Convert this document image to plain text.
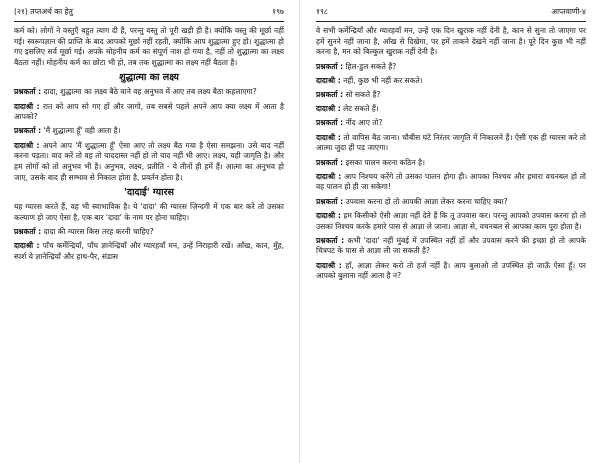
(२१) तप्तअर्थ का हेतु	१९७

कर्म को। लोगों ने वस्तुएँ बहुत त्याग दी हैं, परन्तु वस्तु तो पूरी खड़ी ही है। क्योंकि वस्तु की मूर्छा नहीं गई। स्वरूपज्ञान की प्राप्ति के बाद आपको मूर्छा नहीं रहती, क्योंकि आप शुद्धात्मा हुए हो। शुद्धात्मा हो गए इसलिए सर्व मूर्छा गई। अपके मोहनीय कर्म का संपूर्ण नाश हो गया है, नहीं तो शुद्धात्मा का लक्ष्य बैठता नहीं। मोहनीय कर्म का छोटा भी हो, तब तक शुद्धात्मा का लक्ष्य नहीं बैठता है।

शुद्धात्मा का लक्ष्य

प्रश्नकर्ता : दादा, शुद्धात्मा का लक्ष्य बैठे याने वह अनुभव में आए तब लक्ष्य बैठा कहलाएगा?

दादाश्री : रात को आप सो गए हों और जागो, तब सबसे पहले अपने आप क्या लक्ष्य में आता है आपको?

प्रश्नकर्ता : 'मैं शुद्धात्मा हूँ' वही आता है।

दादाश्री : अपने आप 'मैं शुद्धात्मा हूँ' ऐसा आए तो लक्ष्य बैठ गया है ऐसा समझना। उसे याद नहीं करना पड़ता। याद करें तो वह तो याददास्त नहीं हो तो याद नहीं भी आए। लक्ष्य, यही जागृति है। और हम लोगों को तो अनुभव भी है। अनुभव, लक्ष्य, प्रतीति - ये तीनों ही हमें हैं। आत्मा का अनुभव हो जाए, उसके बाद ही सम्भाव से निकाल होता है, प्रवर्तन होता है।

'दादाई' ग्यारस

यह ग्यारस करते हैं, वह भी स्वाभाविक है। ये 'दादा' की ग्यारस ज़िन्दगी में एक बार करे तो उसका कल्याण हो जाए ऐसा है, एक बार 'दादा' के नाम पर होना चाहिए।

प्रश्नकर्ता : दादा की ग्यारस किस तरह करनी चाहिए?

दादाश्री : पाँच कर्मेन्द्रियाँ, पाँच ज्ञानेन्द्रियाँ और ग्यारहवाँ मन, उन्हें निराहारी रखें। आँख, कान, मुँह, स्पर्श ये ज्ञानेन्द्रियाँ और हाथ-पैर, संडास

१९८	आप्तवाणी-४

वे सभी कर्मेन्द्रियाँ और ग्यारहवाँ मन, उन्हें एक दिन खुराक नहीं देनी है, कान से सुना तो जाएगा पर हमें सुनने नहीं जाना है, आँख से दिखेगा, पर हमें ताकने देखने नहीं जाना है। पूरे दिन कुछ भी नहीं करना है, मन को बिल्कुल खुराक नहीं देनी है।

प्रश्नकर्ता : हिल-डुल सकते हैं?

दादाश्री : नहीं, कुछ भी नहीं कर सकते।

प्रश्नकर्ता : सो सकते हैं?

दादाश्री : लेट सकते हैं।

प्रश्नकर्ता : नींद आए तो?

दादाश्री : तो वापिस बैठ जाना। चौबीस घंटे निरंतर जागृति में निकालने हैं। ऐसी एक ही ग्यारस करे तो आत्मा जुदा ही पड़ जाएगा।

प्रश्नकर्ता : इसका पालन करना कठिन है।

दादाश्री : आप निश्चय करेंगे तो उसका पालन होगा ही। आपका निश्चय और हमारा वचनबल हो तो वह पालन हो ही जा सकेगा!

प्रश्नकर्ता : उपवास करना हो तो आपकी आज्ञा लेकर करना चाहिए क्या?

दादाश्री : हम किसीको ऐसी आज्ञा नहीं देते हैं कि तू उपवास कर। परन्तु आपको उपवास करना हो तो उसका निश्चय करके हमारे पास से आज्ञा ले जाना। आज्ञा से, वचनबल से आपका काम पूरा होता है।

प्रश्नकर्ता : कभी 'दादा' नहीं मुंबई में उपस्थित नहीं हों और उपवास करने की इच्छा हो तो आपके चित्रपट के पास से आज्ञा ली जा सकती है?

दादाश्री : हाँ, आज्ञा लेकर करो तो हर्ज नहीं है। आप बुलाओ तो उपस्थित हो जाऊँ ऐसा हूँ। पर आपको बुलाना नहीं आता है न?
